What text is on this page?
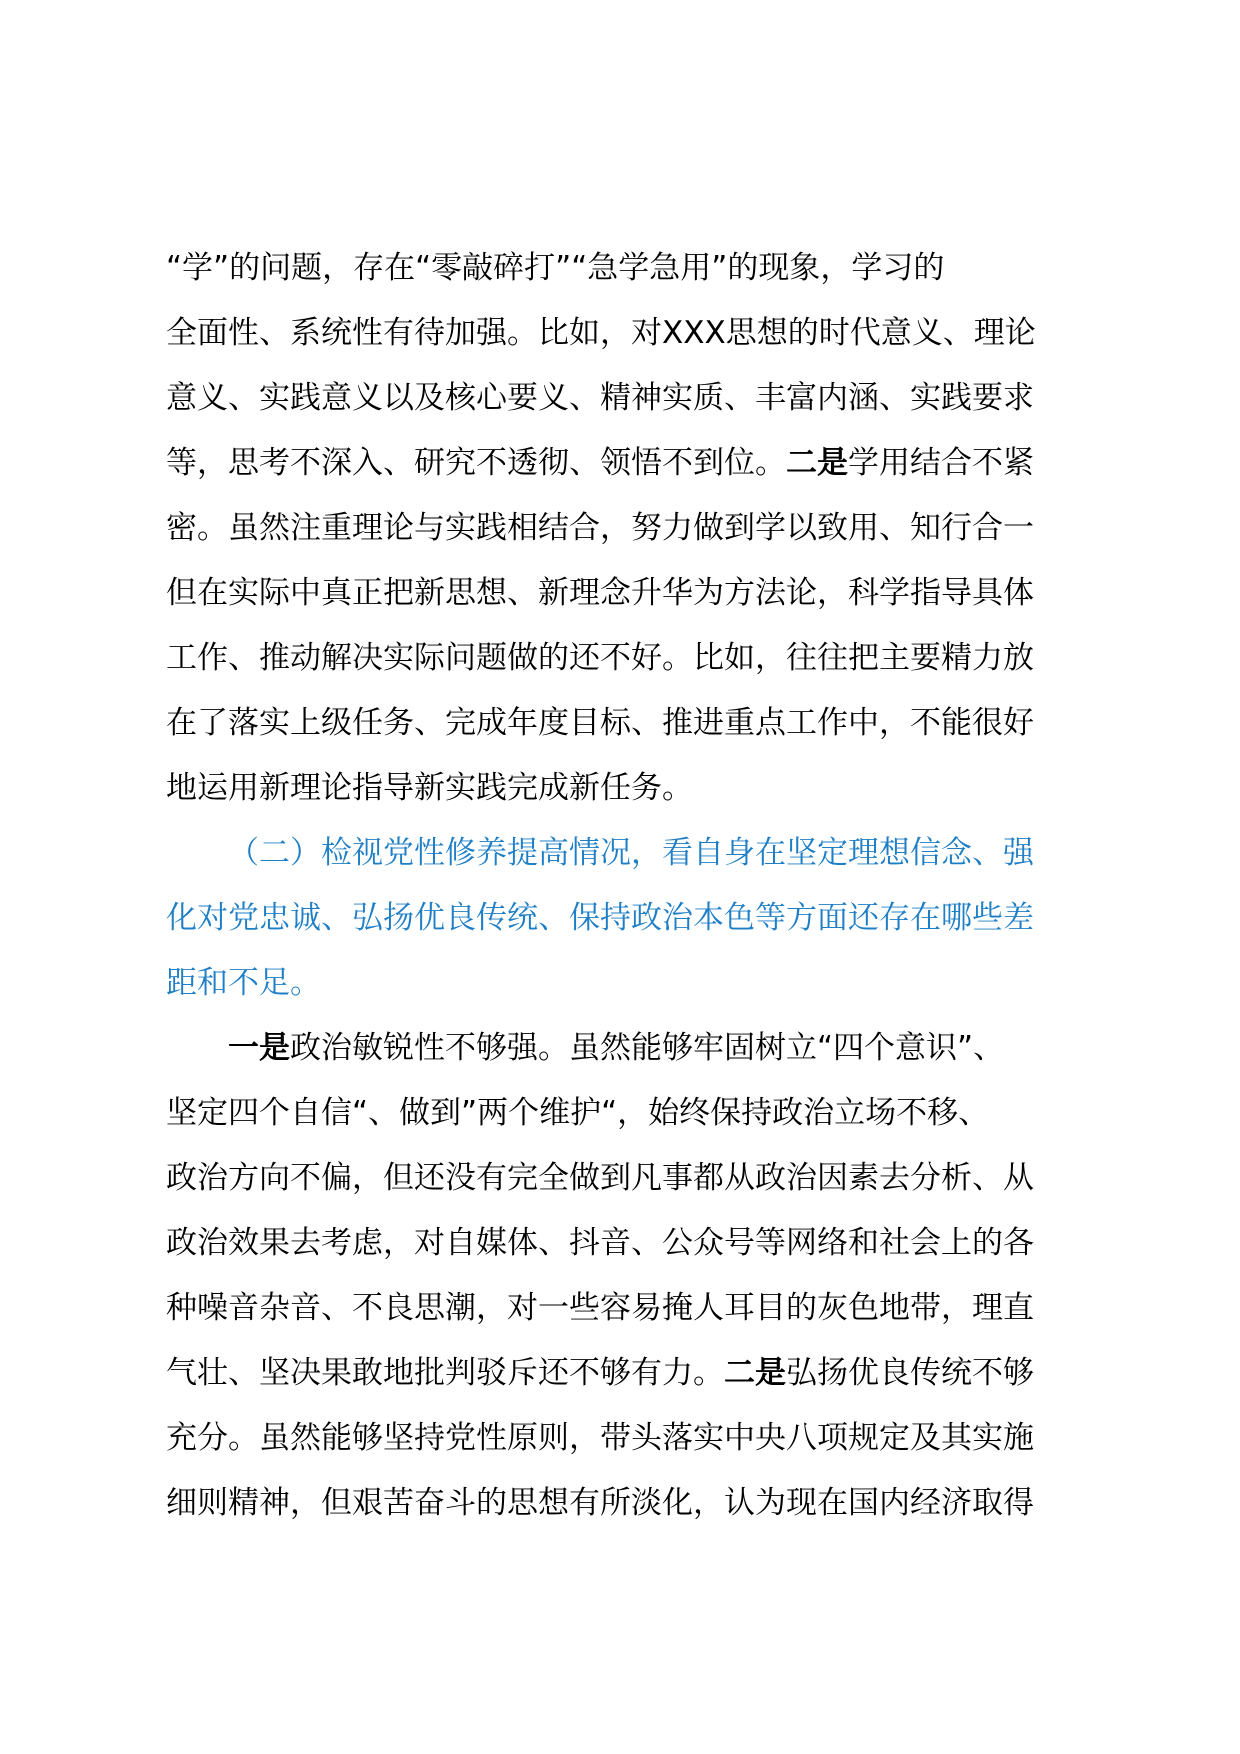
“学”的问题，存在“零敲碎打”“急学急用”的现象，学习的
全面性、系统性有待加强。比如，对XXX思想的时代意义、理论
意义、实践意义以及核心要义、精神实质、丰富内涵、实践要求
等，思考不深入、研究不透彻、领悟不到位。二是学用结合不紧
密。虽然注重理论与实践相结合，努力做到学以致用、知行合一
但在实际中真正把新思想、新理念升华为方法论，科学指导具体
工作、推动解决实际问题做的还不好。比如，往往把主要精力放
在了落实上级任务、完成年度目标、推进重点工作中，不能很好
地运用新理论指导新实践完成新任务。
（二）检视党性修养提高情况，看自身在坚定理想信念、强
化对党忠诚、弘扬优良传统、保持政治本色等方面还存在哪些差
距和不足。
一是政治敏锐性不够强。虽然能够牢固树立“四个意识”、
坚定四个自信“、做到”两个维护“，始终保持政治立场不移、
政治方向不偏，但还没有完全做到凡事都从政治因素去分析、从
政治效果去考虑，对自媒体、抖音、公众号等网络和社会上的各
种噪音杂音、不良思潮，对一些容易掩人耳目的灰色地带，理直
气壮、坚决果敢地批判驳斥还不够有力。二是弘扬优良传统不够
充分。虽然能够坚持党性原则，带头落实中央八项规定及其实施
细则精神，但艰苦奋斗的思想有所淡化，认为现在国内经济取得
